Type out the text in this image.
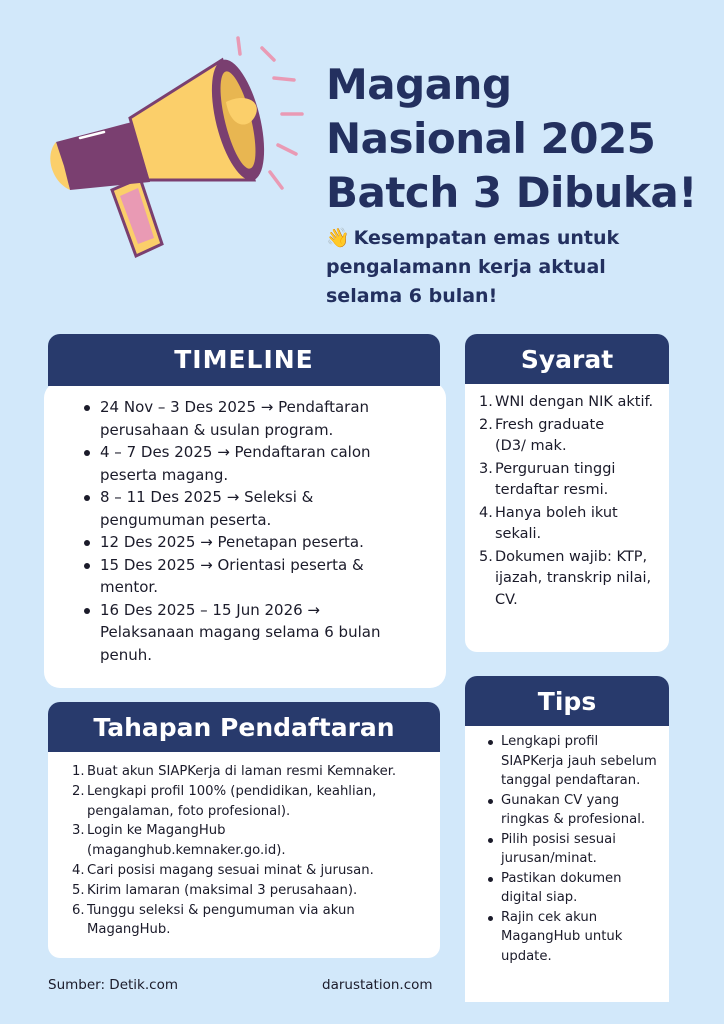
Magang
Nasional 2025
Batch 3 Dibuka!
👋 Kesempatan emas untuk
pengalamann kerja aktual
selama 6 bulan!
24 Nov – 3 Des 2025 → Pendaftaran
perusahaan & usulan program.
4 – 7 Des 2025 → Pendaftaran calon
peserta magang.
8 – 11 Des 2025 → Seleksi &
pengumuman peserta.
12 Des 2025 → Penetapan peserta.
15 Des 2025 → Orientasi peserta &
mentor.
16 Des 2025 – 15 Jun 2026 →
Pelaksanaan magang selama 6 bulan
penuh.
TIMELINE	Syarat
1. WNI dengan NIK aktif.
2. Fresh graduate (D3/ mak.
3. Perguruan tinggi terdaftar resmi.
4. Hanya boleh ikut sekali.
5. Dokumen wajib: KTP, ijazah, transkrip nilai, CV.
Tahapan Pendaftaran
1. Buat akun SIAPKerja di laman resmi Kemnaker.
2. Lengkapi profil 100% (pendidikan, keahlian, pengalaman, foto profesional).
3. Login ke MagangHub (maganghub.kemnaker.go.id).
4. Cari posisi magang sesuai minat & jurusan.
5. Kirim lamaran (maksimal 3 perusahaan).
6. Tunggu seleksi & pengumuman via akun MagangHub.
Tips
Lengkapi profil SIAPKerja jauh sebelum tanggal pendaftaran.
Gunakan CV yang ringkas & profesional.
Pilih posisi sesuai jurusan/minat.
Pastikan dokumen digital siap.
Rajin cek akun MagangHub untuk update.
Sumber: Detik.com	darustation.com
